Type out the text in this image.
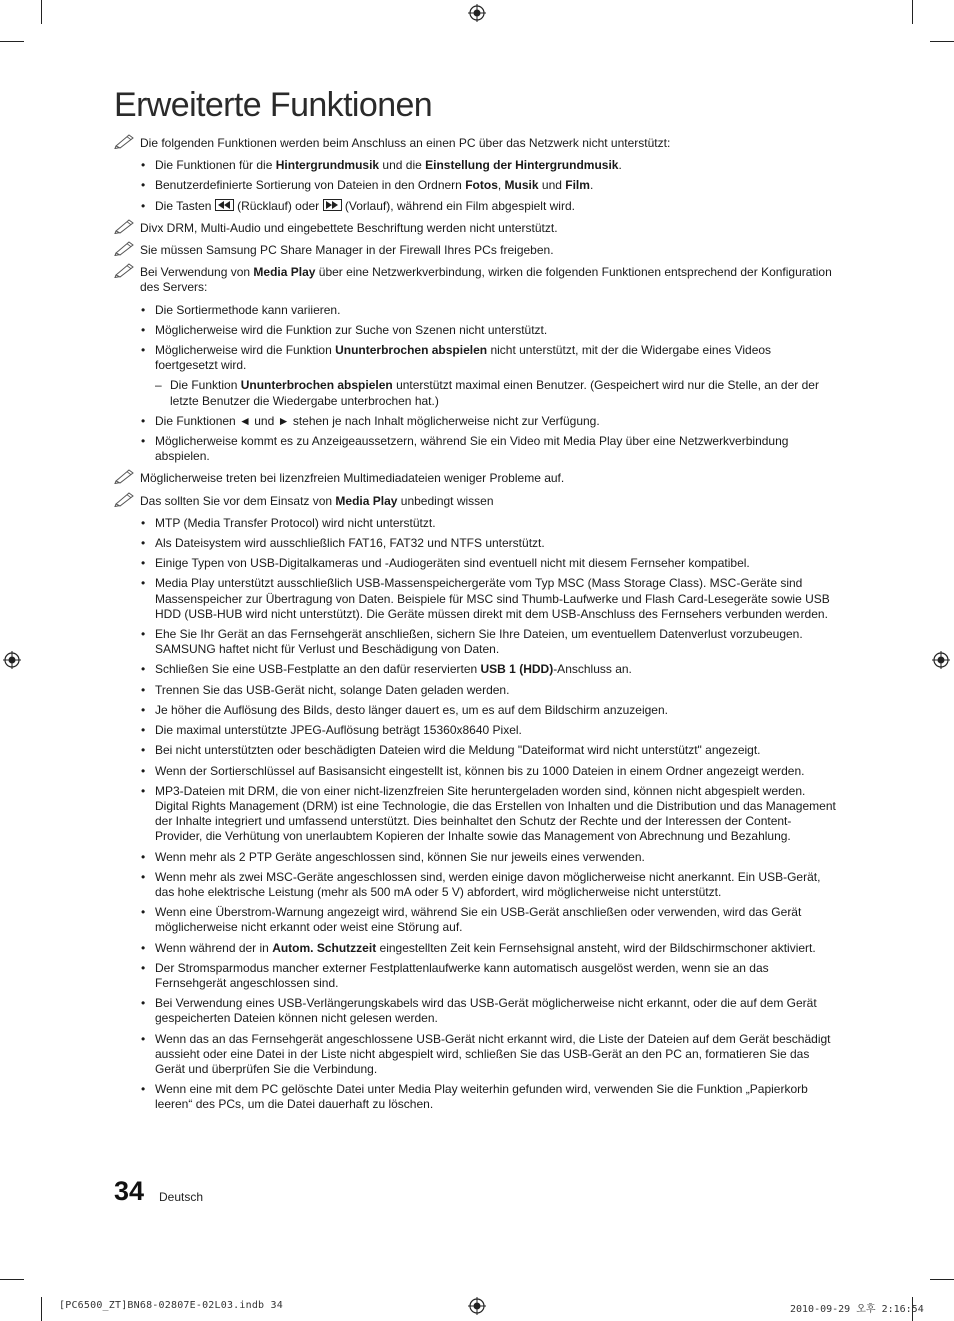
Erweiterte Funktionen
Die folgenden Funktionen werden beim Anschluss an einen PC über das Netzwerk nicht unterstützt:
• Die Funktionen für die Hintergrundmusik und die Einstellung der Hintergrundmusik.
• Benutzerdefinierte Sortierung von Dateien in den Ordnern Fotos, Musik und Film.
• Die Tasten
(Rücklauf) oder
(Vorlauf), während ein Film abgespielt wird.
Divx DRM, Multi-Audio und eingebettete Beschriftung werden nicht unterstützt.
Sie müssen Samsung PC Share Manager in der Firewall Ihres PCs freigeben.
Bei Verwendung von Media Play über eine Netzwerkverbindung, wirken die folgenden Funktionen entsprechend der Konfiguration des Servers:
• Die Sortiermethode kann variieren.
• Möglicherweise wird die Funktion zur Suche von Szenen nicht unterstützt.
• Möglicherweise wird die Funktion Ununterbrochen abspielen nicht unterstützt, mit der die Widergabe eines Videos foertgesetzt wird.
– Die Funktion Ununterbrochen abspielen unterstützt maximal einen Benutzer. (Gespeichert wird nur die Stelle, an der der letzte Benutzer die Wiedergabe unterbrochen hat.)
• Die Funktionen ◄ und ► stehen je nach Inhalt möglicherweise nicht zur Verfügung.
• Möglicherweise kommt es zu Anzeigeaussetzern, während Sie ein Video mit Media Play über eine Netzwerkverbindung abspielen.
Möglicherweise treten bei lizenzfreien Multimediadateien weniger Probleme auf.
Das sollten Sie vor dem Einsatz von Media Play unbedingt wissen
• MTP (Media Transfer Protocol) wird nicht unterstützt.
• Als Dateisystem wird ausschließlich FAT16, FAT32 und NTFS unterstützt.
• Einige Typen von USB-Digitalkameras und -Audiogeräten sind eventuell nicht mit diesem Fernseher kompatibel.
• Media Play unterstützt ausschließlich USB-Massenspeichergeräte vom Typ MSC (Mass Storage Class). MSC-Geräte sind Massenspeicher zur Übertragung von Daten. Beispiele für MSC sind Thumb-Laufwerke und Flash Card-Lesegeräte sowie USB HDD (USB-HUB wird nicht unterstützt). Die Geräte müssen direkt mit dem USB-Anschluss des Fernsehers verbunden werden.
• Ehe Sie Ihr Gerät an das Fernsehgerät anschließen, sichern Sie Ihre Dateien, um eventuellem Datenverlust vorzubeugen. SAMSUNG haftet nicht für Verlust und Beschädigung von Daten.
• Schließen Sie eine USB-Festplatte an den dafür reservierten USB 1 (HDD)-Anschluss an.
• Trennen Sie das USB-Gerät nicht, solange Daten geladen werden.
• Je höher die Auflösung des Bilds, desto länger dauert es, um es auf dem Bildschirm anzuzeigen.
• Die maximal unterstützte JPEG-Auflösung beträgt 15360x8640 Pixel.
• Bei nicht unterstützten oder beschädigten Dateien wird die Meldung "Dateiformat wird nicht unterstützt" angezeigt.
• Wenn der Sortierschlüssel auf Basisansicht eingestellt ist, können bis zu 1000 Dateien in einem Ordner angezeigt werden.
• MP3-Dateien mit DRM, die von einer nicht-lizenzfreien Site heruntergeladen worden sind, können nicht abgespielt werden. Digital Rights Management (DRM) ist eine Technologie, die das Erstellen von Inhalten und die Distribution und das Management der Inhalte integriert und umfassend unterstützt. Dies beinhaltet den Schutz der Rechte und der Interessen der Content-Provider, die Verhütung von unerlaubtem Kopieren der Inhalte sowie das Management von Abrechnung und Bezahlung.
• Wenn mehr als 2 PTP Geräte angeschlossen sind, können Sie nur jeweils eines verwenden.
• Wenn mehr als zwei MSC-Geräte angeschlossen sind, werden einige davon möglicherweise nicht anerkannt. Ein USB-Gerät, das hohe elektrische Leistung (mehr als 500 mA oder 5 V) abfordert, wird möglicherweise nicht unterstützt.
• Wenn eine Überstrom-Warnung angezeigt wird, während Sie ein USB-Gerät anschließen oder verwenden, wird das Gerät möglicherweise nicht erkannt oder weist eine Störung auf.
• Wenn während der in Autom. Schutzzeit eingestellten Zeit kein Fernsehsignal ansteht, wird der Bildschirmschoner aktiviert.
• Der Stromsparmodus mancher externer Festplattenlaufwerke kann automatisch ausgelöst werden, wenn sie an das Fernsehgerät angeschlossen sind.
• Bei Verwendung eines USB-Verlängerungskabels wird das USB-Gerät möglicherweise nicht erkannt, oder die auf dem Gerät gespeicherten Dateien können nicht gelesen werden.
• Wenn das an das Fernsehgerät angeschlossene USB-Gerät nicht erkannt wird, die Liste der Dateien auf dem Gerät beschädigt aussieht oder eine Datei in der Liste nicht abgespielt wird, schließen Sie das USB-Gerät an den PC an, formatieren Sie das Gerät und überprüfen Sie die Verbindung.
• Wenn eine mit dem PC gelöschte Datei unter Media Play weiterhin gefunden wird, verwenden Sie die Funktion „Papierkorb leeren“ des PCs, um die Datei dauerhaft zu löschen.
34 Deutsch
[PC6500_ZT]BN68-02807E-02L03.indb 34	2010-09-29 오후 2:16:54
